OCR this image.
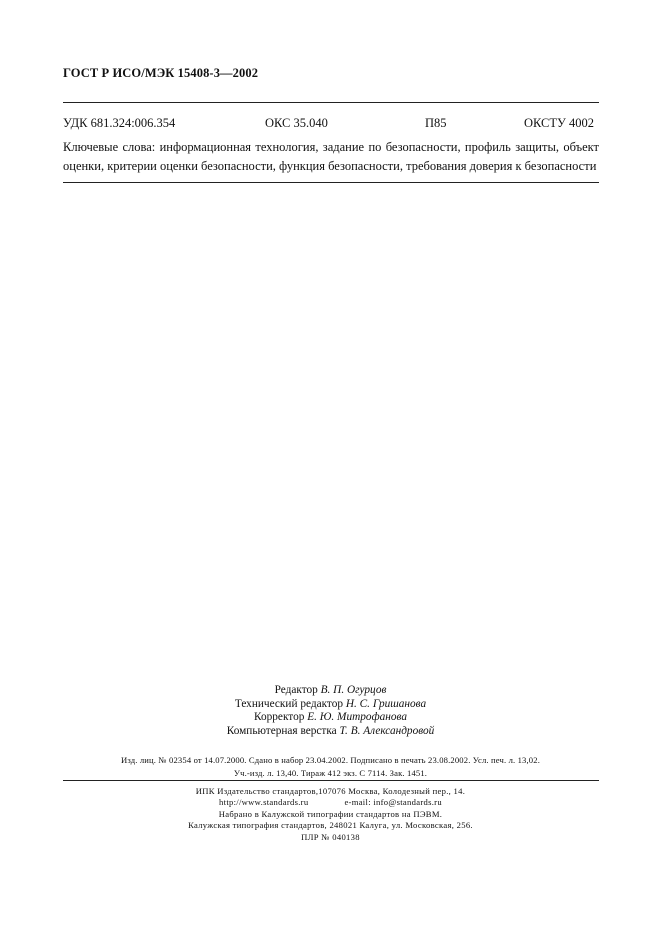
ГОСТ Р ИСО/МЭК 15408-3—2002
УДК 681.324:006.354	ОКС 35.040	П85	ОКСТУ 4002
Ключевые слова: информационная технология, задание по безопасности, профиль защиты, объект оценки, критерии оценки безопасности, функция безопасности, требования доверия к безопасности
Редактор В. П. Огурцов
Технический редактор Н. С. Гришанова
Корректор Е. Ю. Митрофанова
Компьютерная верстка Т. В. Александровой
Изд. лиц. № 02354 от 14.07.2000. Сдано в набор 23.04.2002. Подписано в печать 23.08.2002. Усл. печ. л. 13,02.
Уч.-изд. л. 13,40. Тираж 412 экз. С 7114. Зак. 1451.
ИПК Издательство стандартов,107076 Москва, Колодезный пер., 14.
http://www.standards.ru	e-mail: info@standards.ru
Набрано в Калужской типографии стандартов на ПЭВМ.
Калужская типография стандартов, 248021 Калуга, ул. Московская, 256.
ПЛР № 040138
